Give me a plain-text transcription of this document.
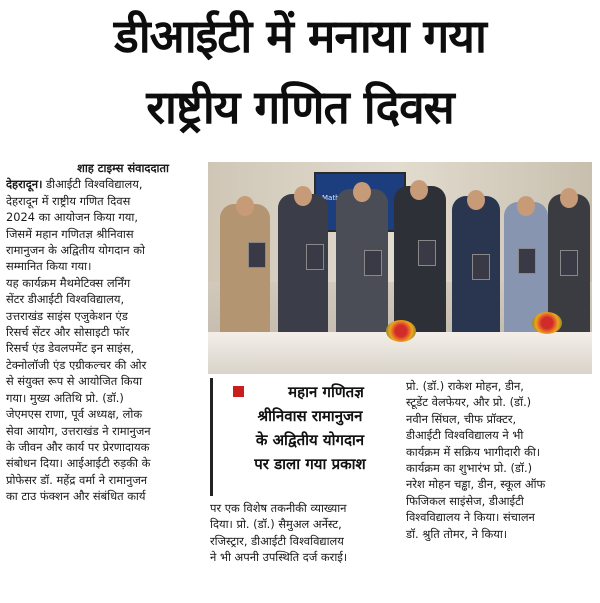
डीआईटी में मनाया गया
राष्ट्रीय गणित दिवस

शाह टाइम्स संवाददाता

देहरादून। डीआईटी विश्वविद्यालय,

देहरादून में राष्ट्रीय गणित दिवस

2024 का आयोजन किया गया,

जिसमें महान गणितज्ञ श्रीनिवास

रामानुजन के अद्वितीय योगदान को

सम्मानित किया गया।

यह कार्यक्रम मैथमेटिक्स लर्निंग

सेंटर डीआईटी विश्वविद्यालय,

उत्तराखंड साइंस एजुकेशन एंड

रिसर्च सेंटर और सोसाइटी फॉर

रिसर्च एंड डेवलपमेंट इन साइंस,

टेक्नोलॉजी एंड एग्रीकल्चर की ओर

से संयुक्त रूप से आयोजित किया

गया। मुख्य अतिथि प्रो. (डॉ.)

जेएमएस राणा, पूर्व अध्यक्ष, लोक

सेवा आयोग, उत्तराखंड ने रामानुजन

के जीवन और कार्य पर प्रेरणादायक

संबोधन दिया। आईआईटी रुड़की के

प्रोफेसर डॉ. महेंद्र वर्मा ने रामानुजन

का टाउ फंक्शन और संबंधित कार्य

Math

महान गणितज्ञ

श्रीनिवास रामानुजन

के अद्वितीय योगदान

पर डाला गया प्रकाश

पर एक विशेष तकनीकी व्याख्यान

दिया। प्रो. (डॉ.) सैमुअल अर्नेस्ट,

रजिस्ट्रार, डीआईटी विश्वविद्यालय

ने भी अपनी उपस्थिति दर्ज कराई।

प्रो. (डॉ.) राकेश मोहन, डीन,

स्टूडेंट वेलफेयर, और प्रो. (डॉ.)

नवीन सिंघल, चीफ प्रॉक्टर,

डीआईटी विश्वविद्यालय ने भी

कार्यक्रम में सक्रिय भागीदारी की।

कार्यक्रम का शुभारंभ प्रो. (डॉ.)

नरेश मोहन चड्ढा, डीन, स्कूल ऑफ

फिजिकल साइंसेज, डीआईटी

विश्वविद्यालय ने किया। संचालन

डॉ. श्रुति तोमर, ने किया।
